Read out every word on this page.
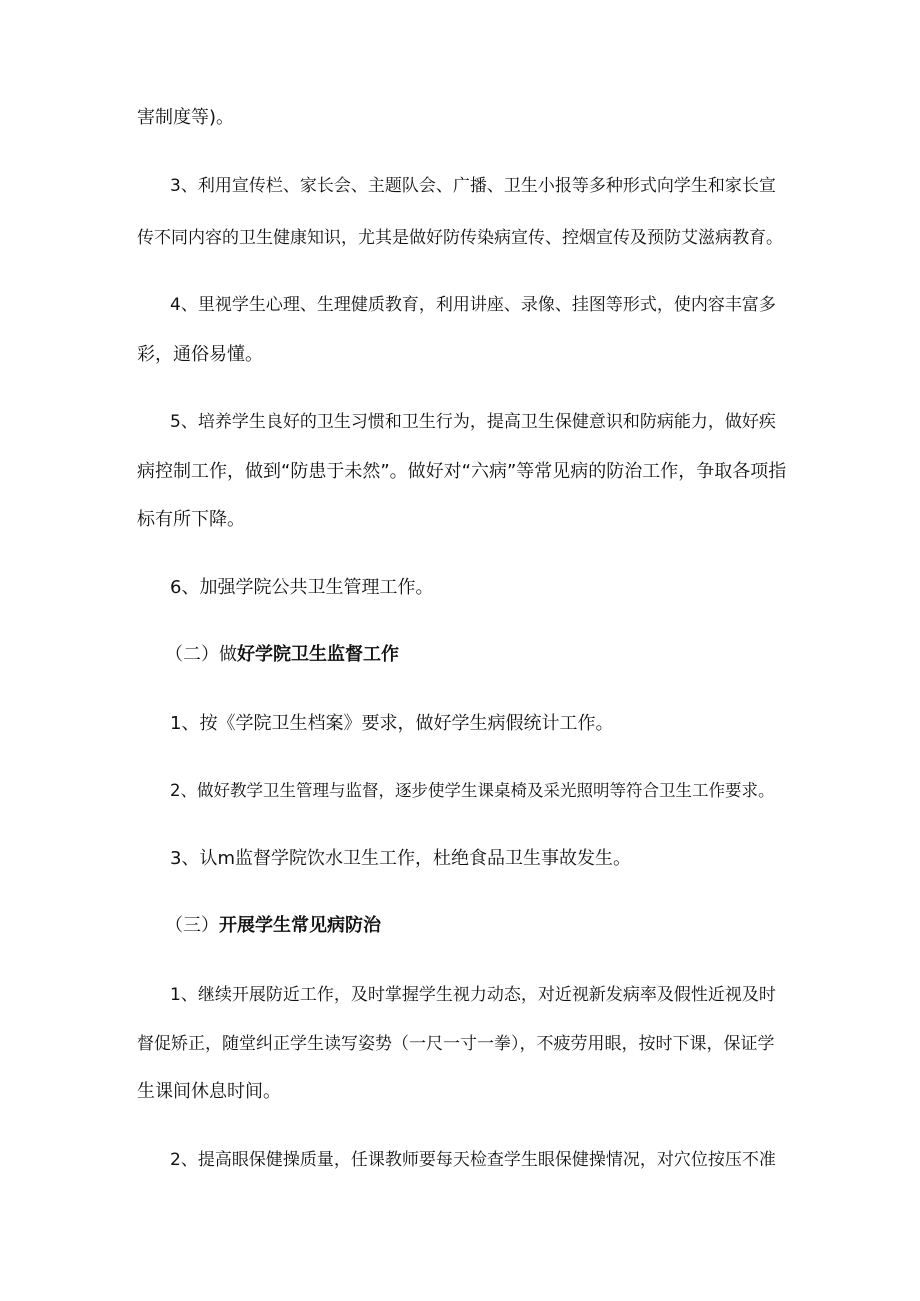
害制度等)。

3、利用宣传栏、家长会、主题队会、广播、卫生小报等多种形式向学生和家长宣

传不同内容的卫生健康知识，尤其是做好防传染病宣传、控烟宣传及预防艾滋病教育。

4、里视学生心理、生理健质教育，利用讲座、录像、挂图等形式，使内容丰富多

彩，通俗易懂。

5、培养学生良好的卫生习惯和卫生行为，提高卫生保健意识和防病能力，做好疾

病控制工作，做到“防患于未然”。做好对“六病”等常见病的防治工作，争取各项指

标有所下降。

6、加强学院公共卫生管理工作。

（二）做好学院卫生监督工作

1、按《学院卫生档案》要求，做好学生病假统计工作。

2、做好教学卫生管理与监督，逐步使学生课桌椅及采光照明等符合卫生工作要求。

3、认m监督学院饮水卫生工作，杜绝食品卫生事故发生。

（三）开展学生常见病防治

1、继续开展防近工作，及时掌握学生视力动态，对近视新发病率及假性近视及时

督促矫正，随堂纠正学生读写姿势（一尺一寸一拳），不疲劳用眼，按时下课，保证学

生课间休息时间。

2、提高眼保健操质量，任课教师要每天检查学生眼保健操情况，对穴位按压不准
